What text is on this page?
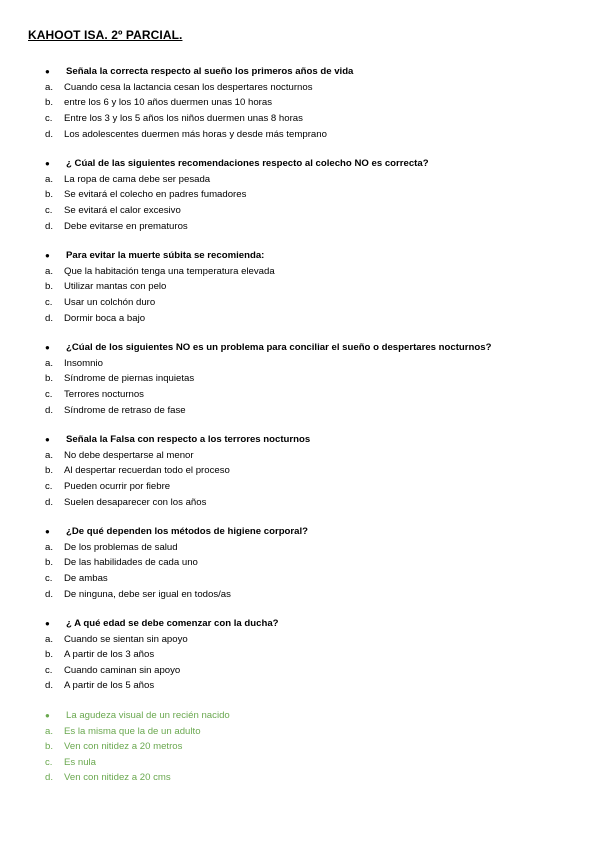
KAHOOT ISA. 2º PARCIAL.
●	Señala la correcta respecto al sueño los primeros años de vida
a.	Cuando cesa la lactancia cesan los despertares nocturnos
b.	entre los 6 y los 10 años duermen unas 10 horas
c.	Entre los 3 y los 5 años los niños duermen unas 8 horas
d.	Los adolescentes duermen más horas y desde más temprano
●	¿ Cúal de las siguientes recomendaciones respecto al colecho NO es correcta?
a.	La ropa de cama debe ser pesada
b.	Se evitará el colecho en padres fumadores
c.	Se evitará el calor excesivo
d.	Debe evitarse en prematuros
●	Para evitar la muerte súbita se recomienda:
a.	Que la habitación tenga una temperatura elevada
b.	Utilizar mantas con pelo
c.	Usar un colchón duro
d.	Dormir boca a bajo
●	¿Cúal de los siguientes NO es un problema para conciliar el sueño o despertares nocturnos?
a.	Insomnio
b.	Síndrome de piernas inquietas
c.	Terrores nocturnos
d.	Síndrome de retraso de fase
●	Señala la Falsa con respecto a los terrores nocturnos
a.	No debe despertarse al menor
b.	Al despertar recuerdan todo el proceso
c.	Pueden ocurrir por fiebre
d.	Suelen desaparecer con los años
●	¿De qué dependen los métodos de higiene corporal?
a.	De los problemas de salud
b.	De las habilidades de cada uno
c.	De ambas
d.	De ninguna, debe ser igual en todos/as
●	¿ A qué edad se debe comenzar con la ducha?
a.	Cuando se sientan sin apoyo
b.	A partir de los 3 años
c.	Cuando caminan sin apoyo
d.	A partir de los 5 años
●	La agudeza visual de un recién nacido
a.	Es la misma que la de un adulto
b.	Ven con nitidez a 20 metros
c.	Es nula
d.	Ven con nitidez a 20 cms
